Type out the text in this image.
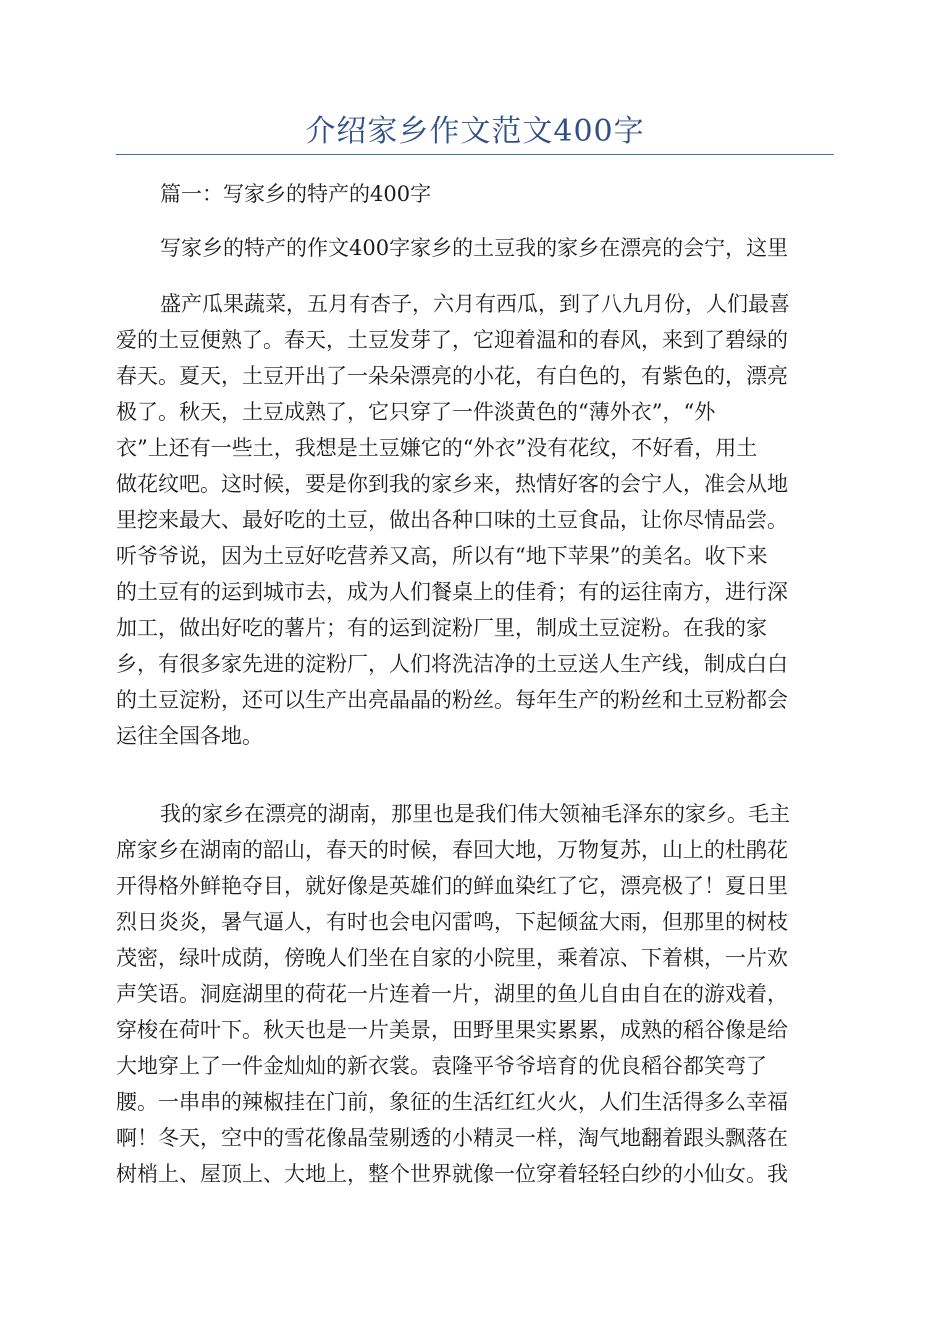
介绍家乡作文范文400字
篇一：写家乡的特产的400字
写家乡的特产的作文400字家乡的土豆我的家乡在漂亮的会宁，这里
盛产瓜果蔬菜，五月有杏子，六月有西瓜，到了八九月份，人们最喜
爱的土豆便熟了。春天，土豆发芽了，它迎着温和的春风，来到了碧绿的
春天。夏天，土豆开出了一朵朵漂亮的小花，有白色的，有紫色的，漂亮
极了。秋天，土豆成熟了，它只穿了一件淡黄色的“薄外衣”，“外
衣”上还有一些土，我想是土豆嫌它的“外衣”没有花纹，不好看，用土
做花纹吧。这时候，要是你到我的家乡来，热情好客的会宁人，准会从地
里挖来最大、最好吃的土豆，做出各种口味的土豆食品，让你尽情品尝。
听爷爷说，因为土豆好吃营养又高，所以有“地下苹果”的美名。收下来
的土豆有的运到城市去，成为人们餐桌上的佳肴；有的运往南方，进行深
加工，做出好吃的薯片；有的运到淀粉厂里，制成土豆淀粉。在我的家
乡，有很多家先进的淀粉厂，人们将洗洁净的土豆送人生产线，制成白白
的土豆淀粉，还可以生产出亮晶晶的粉丝。每年生产的粉丝和土豆粉都会
运往全国各地。
我的家乡在漂亮的湖南，那里也是我们伟大领袖毛泽东的家乡。毛主
席家乡在湖南的韶山，春天的时候，春回大地，万物复苏，山上的杜鹃花
开得格外鲜艳夺目，就好像是英雄们的鲜血染红了它，漂亮极了！夏日里
烈日炎炎，暑气逼人，有时也会电闪雷鸣，下起倾盆大雨，但那里的树枝
茂密，绿叶成荫，傍晚人们坐在自家的小院里，乘着凉、下着棋，一片欢
声笑语。洞庭湖里的荷花一片连着一片，湖里的鱼儿自由自在的游戏着，
穿梭在荷叶下。秋天也是一片美景，田野里果实累累，成熟的稻谷像是给
大地穿上了一件金灿灿的新衣裳。袁隆平爷爷培育的优良稻谷都笑弯了
腰。一串串的辣椒挂在门前，象征的生活红红火火，人们生活得多么幸福
啊！冬天，空中的雪花像晶莹剔透的小精灵一样，淘气地翻着跟头飘落在
树梢上、屋顶上、大地上，整个世界就像一位穿着轻轻白纱的小仙女。我
